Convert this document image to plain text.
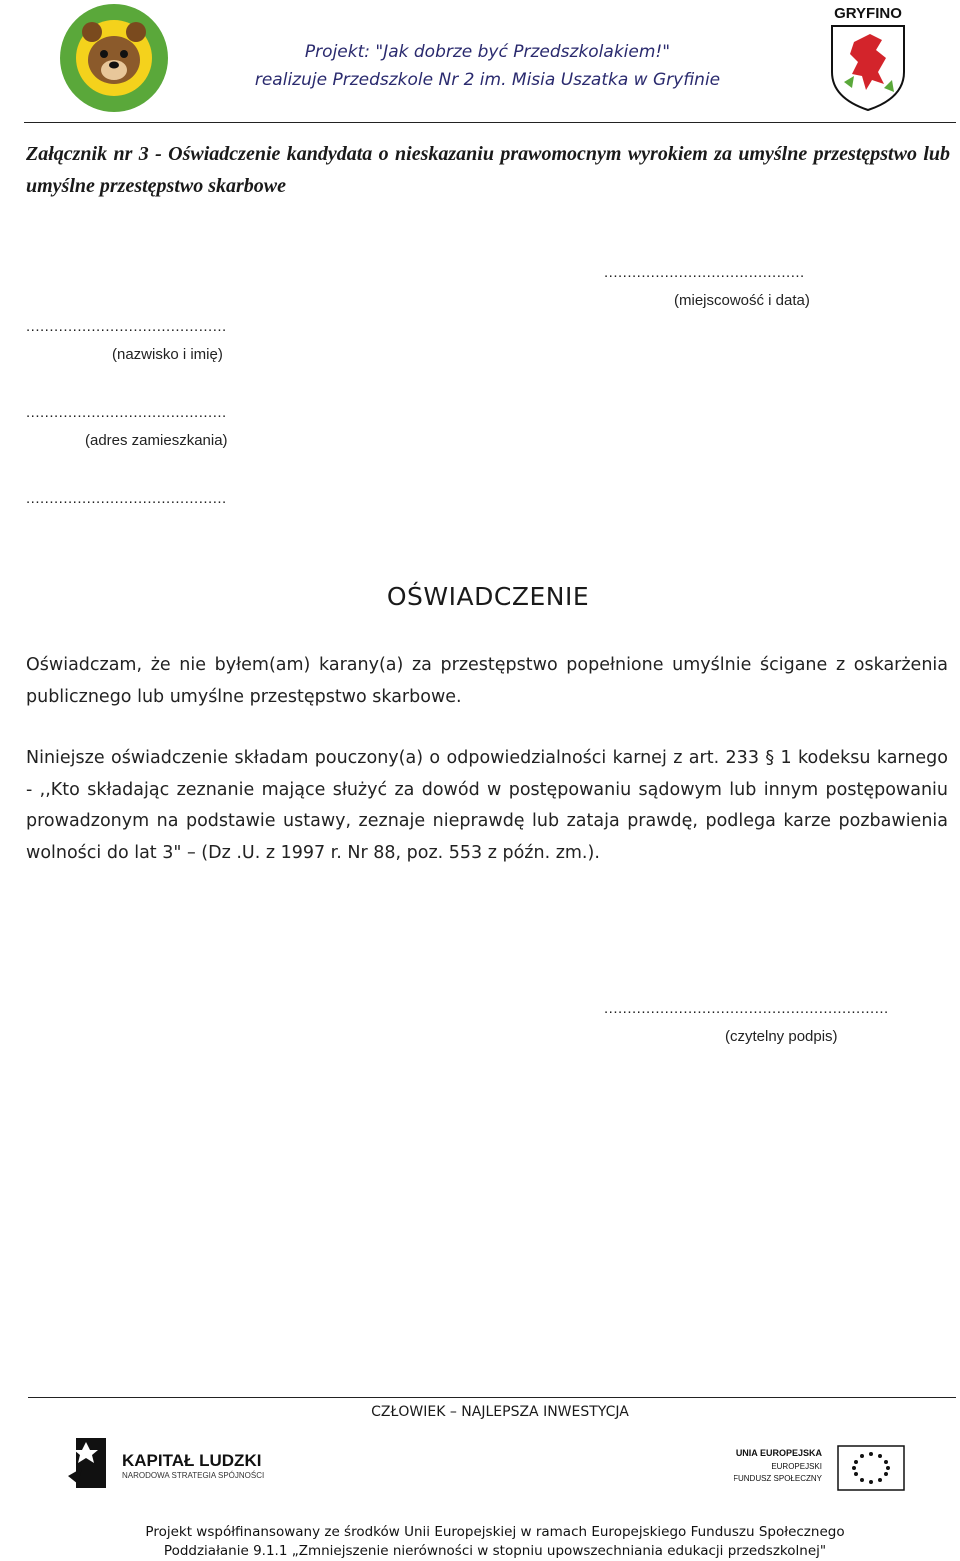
Projekt: "Jak dobrze być Przedszkolakiem!"
realizuje Przedszkole Nr 2 im. Misia Uszatka w Gryfinie
GRYFINO
Załącznik nr 3 - Oświadczenie kandydata o nieskazaniu prawomocnym wyrokiem za umyślne przestępstwo lub umyślne przestępstwo skarbowe
...........................................
(miejscowość i data)
...........................................
(nazwisko i imię)
...........................................
(adres zamieszkania)
...........................................
OŚWIADCZENIE
Oświadczam, że nie byłem(am) karany(a) za przestępstwo popełnione umyślnie ścigane z oskarżenia publicznego lub umyślne przestępstwo skarbowe.
Niniejsze oświadczenie składam pouczony(a) o odpowiedzialności karnej z art. 233 § 1 kodeksu karnego - ,,Kto składając zeznanie mające służyć za dowód w postępowaniu sądowym lub innym postępowaniu prowadzonym na podstawie ustawy, zeznaje nieprawdę lub zataja prawdę, podlega karze pozbawienia wolności do lat 3" – (Dz .U. z 1997 r. Nr 88, poz. 553 z późn. zm.).
.............................................................
(czytelny podpis)
CZŁOWIEK – NAJLEPSZA INWESTYCJA
KAPITAŁ LUDZKI
NARODOWA STRATEGIA SPÓJNOŚCI
UNIA EUROPEJSKA
EUROPEJSKI
FUNDUSZ SPOŁECZNY
Projekt współfinansowany ze środków Unii Europejskiej w ramach Europejskiego Funduszu Społecznego
Poddziałanie 9.1.1 „Zmniejszenie nierówności w stopniu upowszechniania edukacji przedszkolnej"
